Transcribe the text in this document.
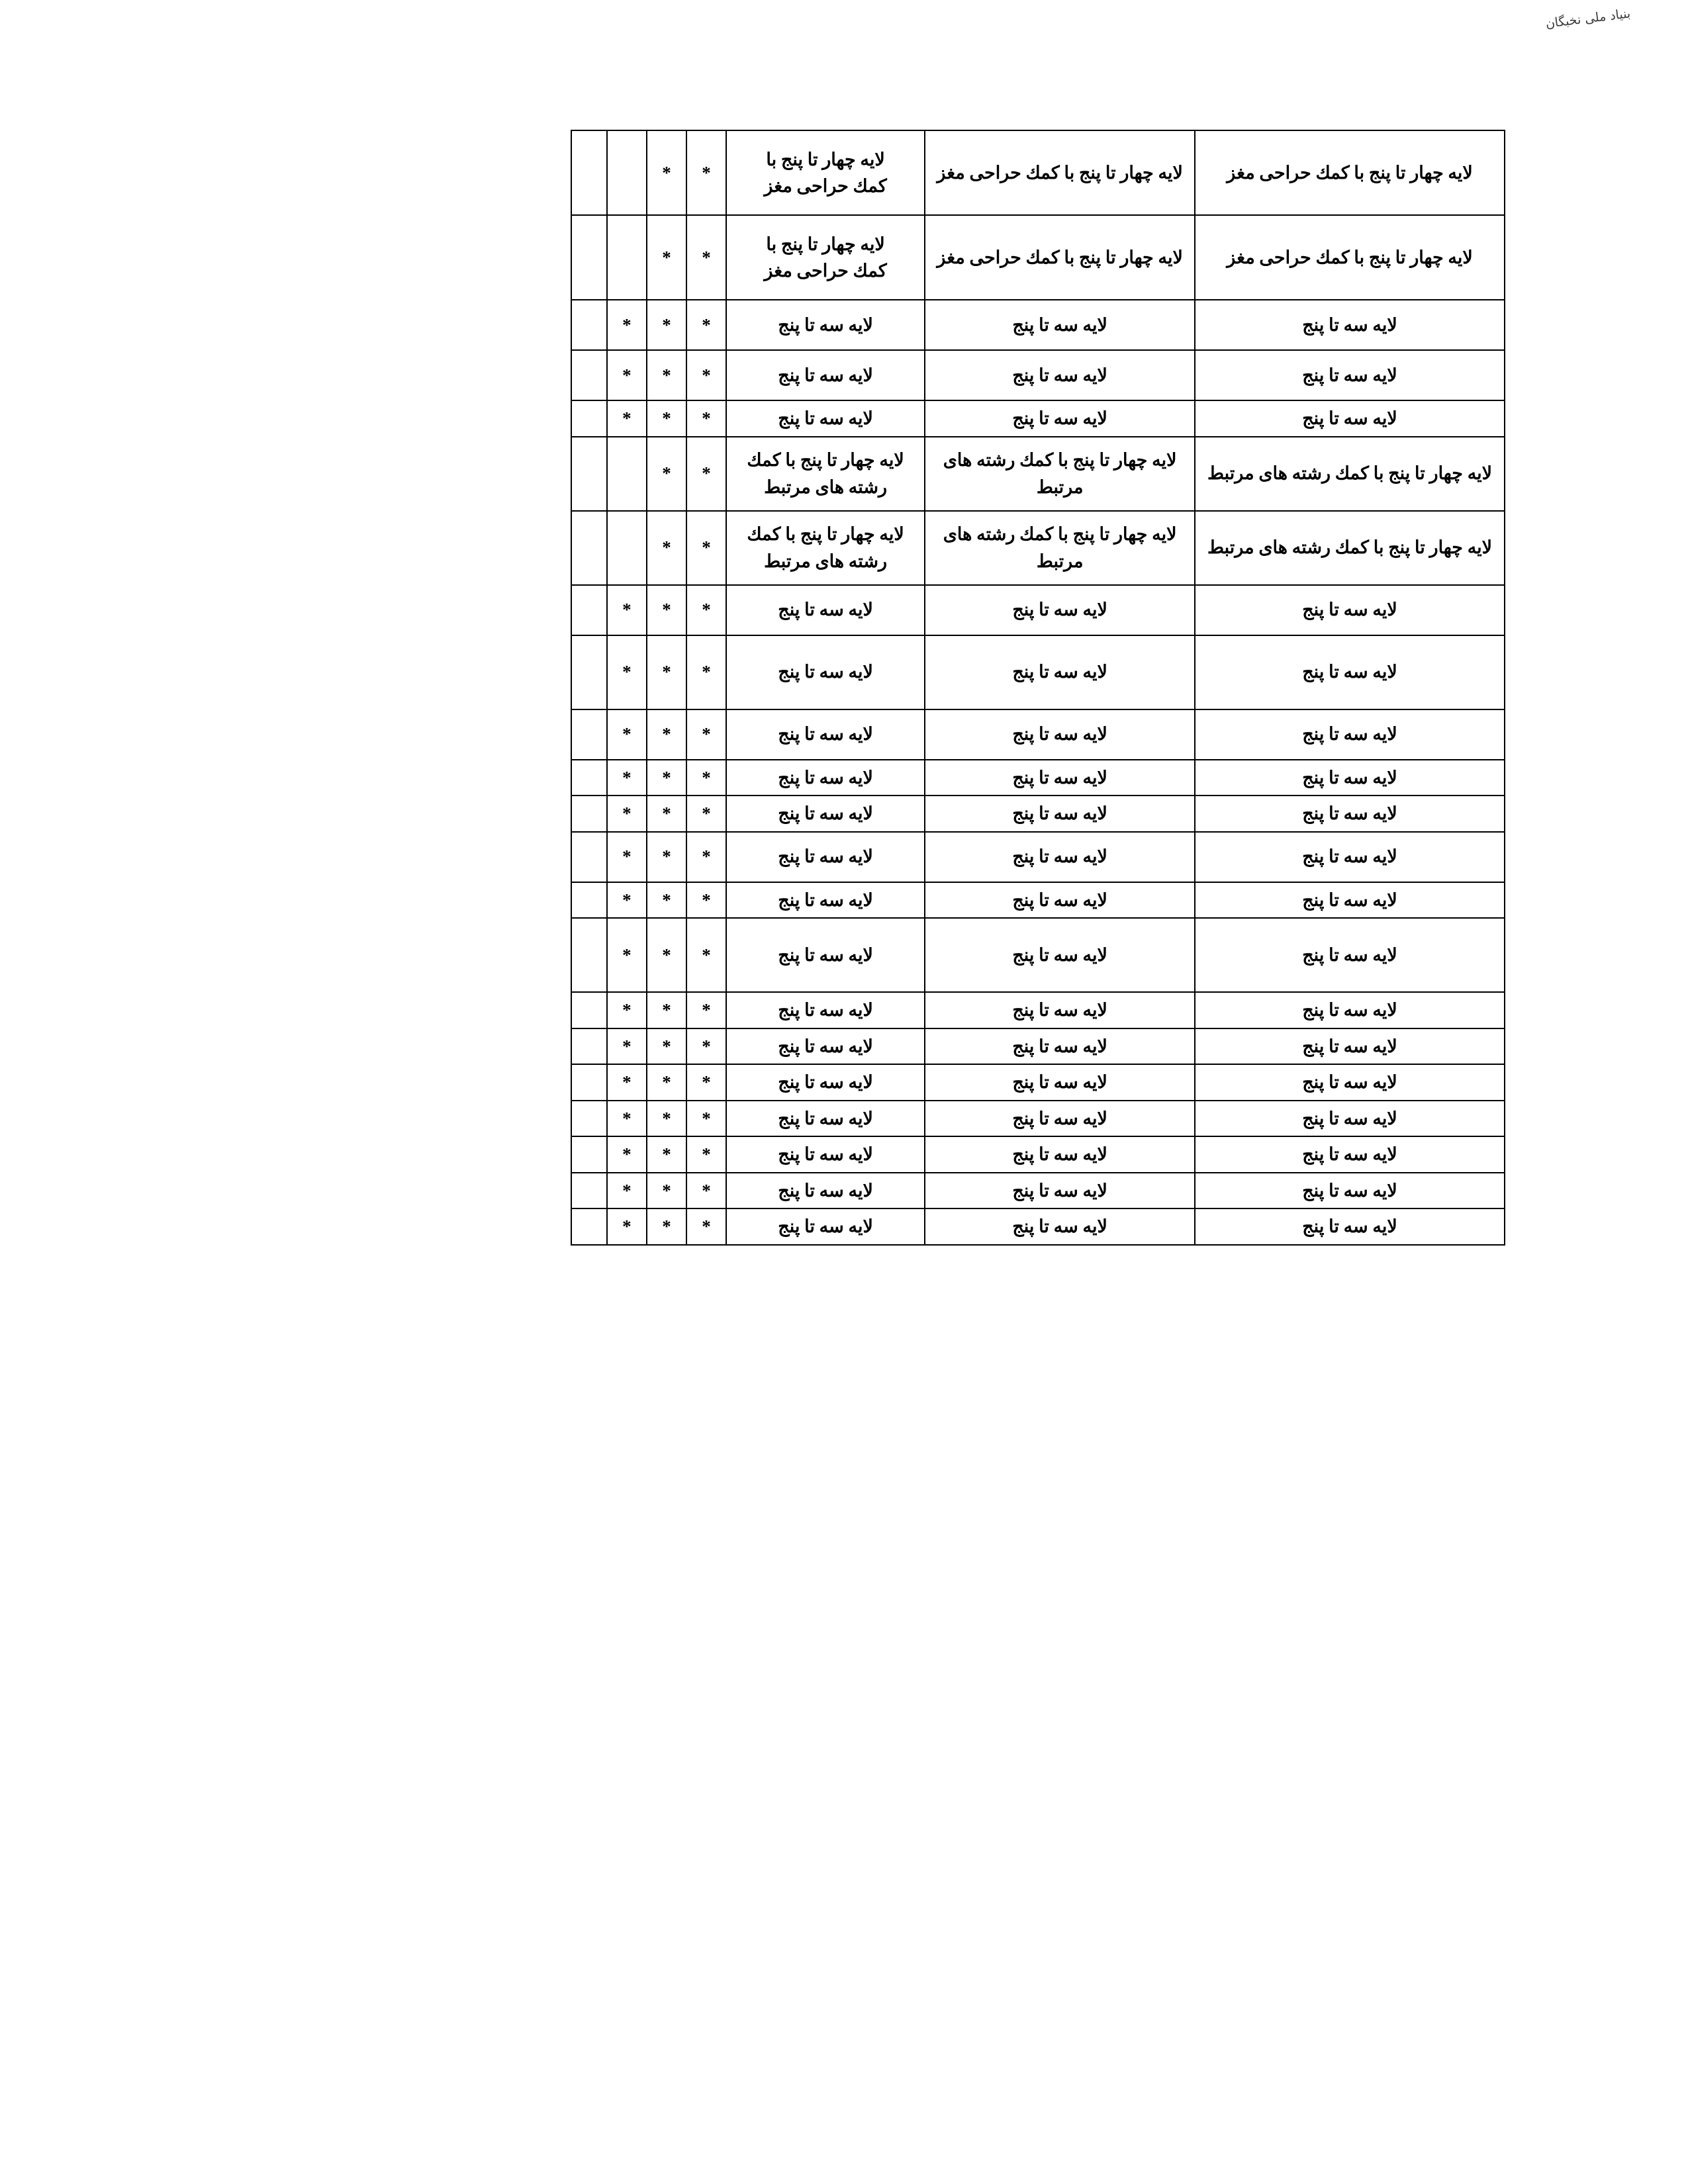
بنیاد ملی نخبگان
لايه چهار تا پنج با كمك حراحى مغز	لايه چهار تا پنج با كمك حراحى مغز	لايه چهار تا پنج با
كمك حراحى مغز	*	*		
لايه چهار تا پنج با كمك حراحى مغز	لايه چهار تا پنج با كمك حراحى مغز	لايه چهار تا پنج با
كمك حراحى مغز	*	*		
لايه سه تا پنج	لايه سه تا پنج	لايه سه تا پنج	*	*	*	
لايه سه تا پنج	لايه سه تا پنج	لايه سه تا پنج	*	*	*	
لايه سه تا پنج	لايه سه تا پنج	لايه سه تا پنج	*	*	*	
لايه چهار تا پنج با كمك رشته هاى مرتبط	لايه چهار تا پنج با كمك رشته هاى مرتبط	لايه چهار تا پنج با كمك رشته هاى مرتبط	*	*		
لايه چهار تا پنج با كمك رشته هاى مرتبط	لايه چهار تا پنج با كمك رشته هاى مرتبط	لايه چهار تا پنج با كمك رشته هاى مرتبط	*	*		
لايه سه تا پنج	لايه سه تا پنج	لايه سه تا پنج	*	*	*	
لايه سه تا پنج	لايه سه تا پنج	لايه سه تا پنج	*	*	*	
لايه سه تا پنج	لايه سه تا پنج	لايه سه تا پنج	*	*	*	
لايه سه تا پنج	لايه سه تا پنج	لايه سه تا پنج	*	*	*	
لايه سه تا پنج	لايه سه تا پنج	لايه سه تا پنج	*	*	*	
لايه سه تا پنج	لايه سه تا پنج	لايه سه تا پنج	*	*	*	
لايه سه تا پنج	لايه سه تا پنج	لايه سه تا پنج	*	*	*	
لايه سه تا پنج	لايه سه تا پنج	لايه سه تا پنج	*	*	*	
لايه سه تا پنج	لايه سه تا پنج	لايه سه تا پنج	*	*	*	
لايه سه تا پنج	لايه سه تا پنج	لايه سه تا پنج	*	*	*	
لايه سه تا پنج	لايه سه تا پنج	لايه سه تا پنج	*	*	*	
لايه سه تا پنج	لايه سه تا پنج	لايه سه تا پنج	*	*	*	
لايه سه تا پنج	لايه سه تا پنج	لايه سه تا پنج	*	*	*	
لايه سه تا پنج	لايه سه تا پنج	لايه سه تا پنج	*	*	*	
لايه سه تا پنج	لايه سه تا پنج	لايه سه تا پنج	*	*	*	
